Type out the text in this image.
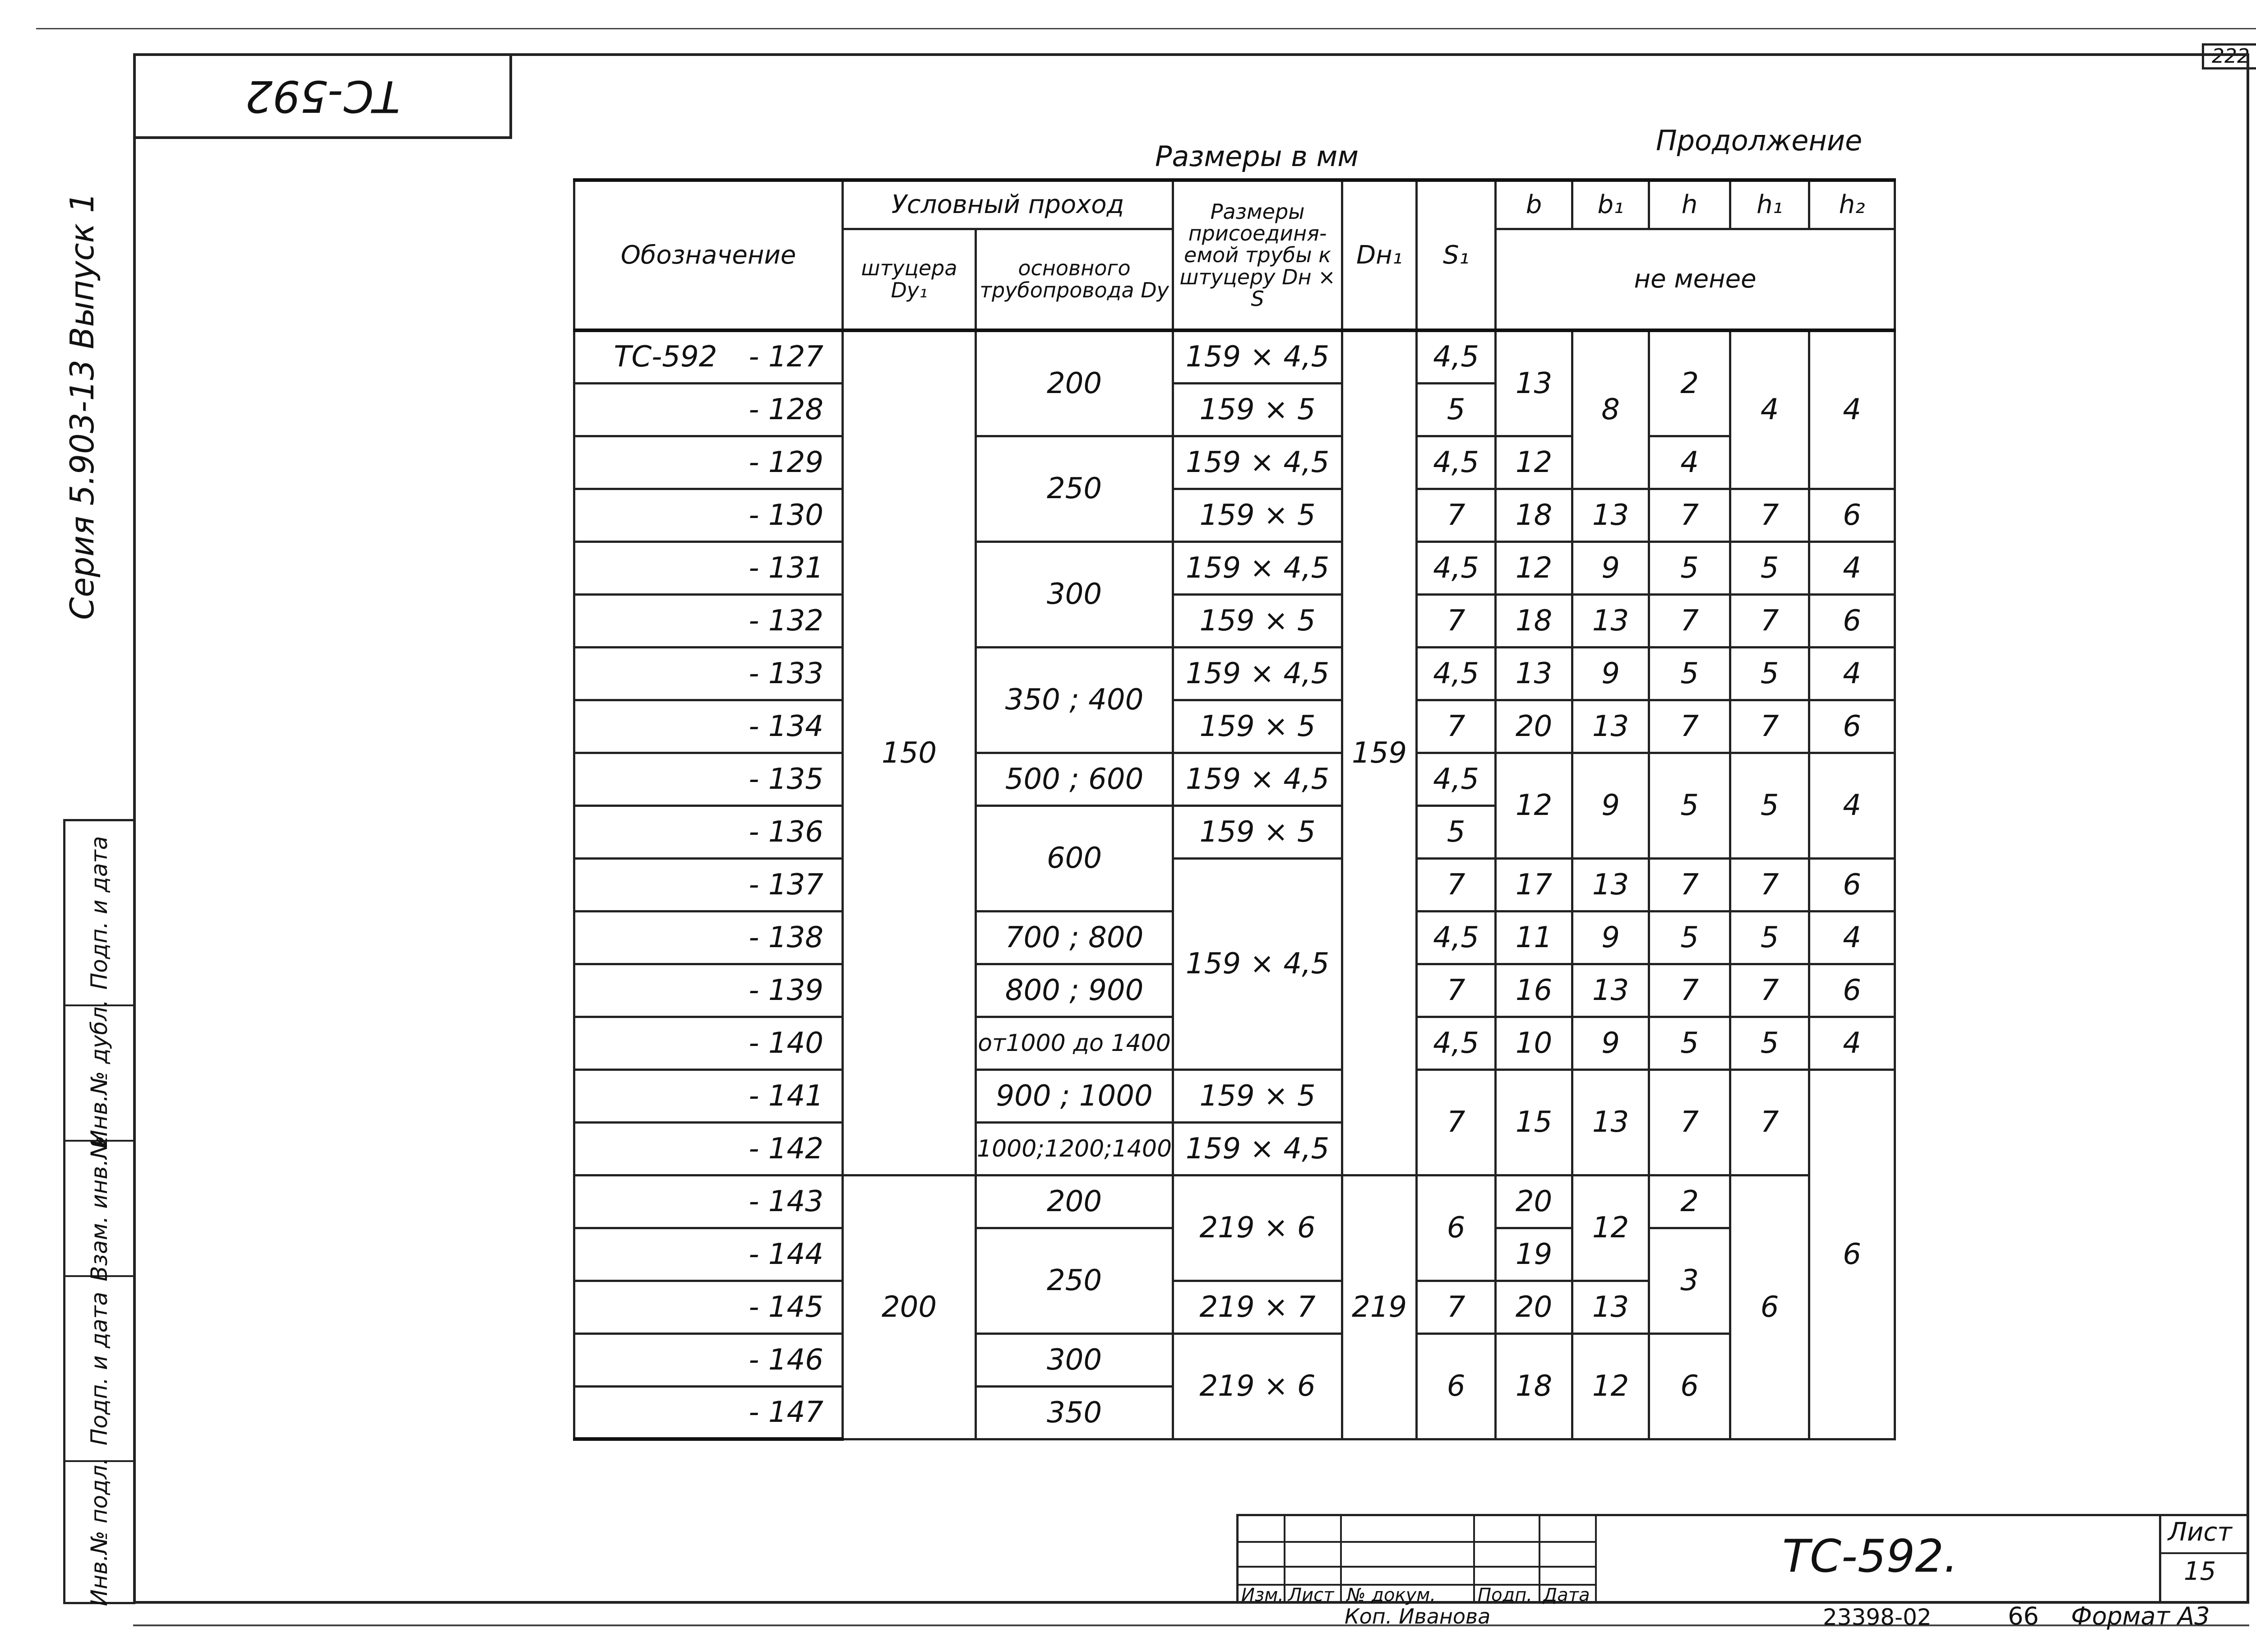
222
ТС-592
Серия 5.903-13 Выпуск 1
Подп. и дата
Инв.№ дубл.
Взам. инв.№
Подп. и дата
Инв.№ подл.
Размеры в мм	Продолжение
Обозначение	Условный проход		Размеры присоединя-емой трубы к штуцеру Dн × S	Dн₁	S₁	b	b₁	h	h₁	h₂
	штуцера Dy₁	основного трубопровода Dy				не менее				
ТС-592 - 127	150	200	159 × 4,5	159	4,5	13	8	2	4	4
- 128			159 × 5		5					
- 129		250	159 × 4,5		4,5	12		4		
- 130			159 × 5		7	18	13	7	7	6
- 131		300	159 × 4,5		4,5	12	9	5	5	4
- 132			159 × 5		7	18	13	7	7	6
- 133		350 ; 400	159 × 4,5		4,5	13	9	5	5	4
- 134			159 × 5		7	20	13	7	7	6
- 135		500 ; 600	159 × 4,5		4,5	12	9	5	5	4
- 136		600	159 × 5		5					
- 137			159 × 4,5		7	17	13	7	7	6
- 138		700 ; 800			4,5	11	9	5	5	4
- 139		800 ; 900			7	16	13	7	7	6
- 140		от1000 до 1400			4,5	10	9	5	5	4
- 141		900 ; 1000	159 × 5		7	15	13	7	7	6
- 142		1000;1200;1400	159 × 4,5							
- 143	200	200	219 × 6	219	6	20	12	2	6	
- 144		250				19		3		
- 145			219 × 7		7	20	13			
- 146		300	219 × 6		6	18	12	6		
- 147		350								
Изм. Лист № докум. Подп. Дата
ТС-592.	Лист
15
Коп. Иванова	23398-02	66 Формат А3
